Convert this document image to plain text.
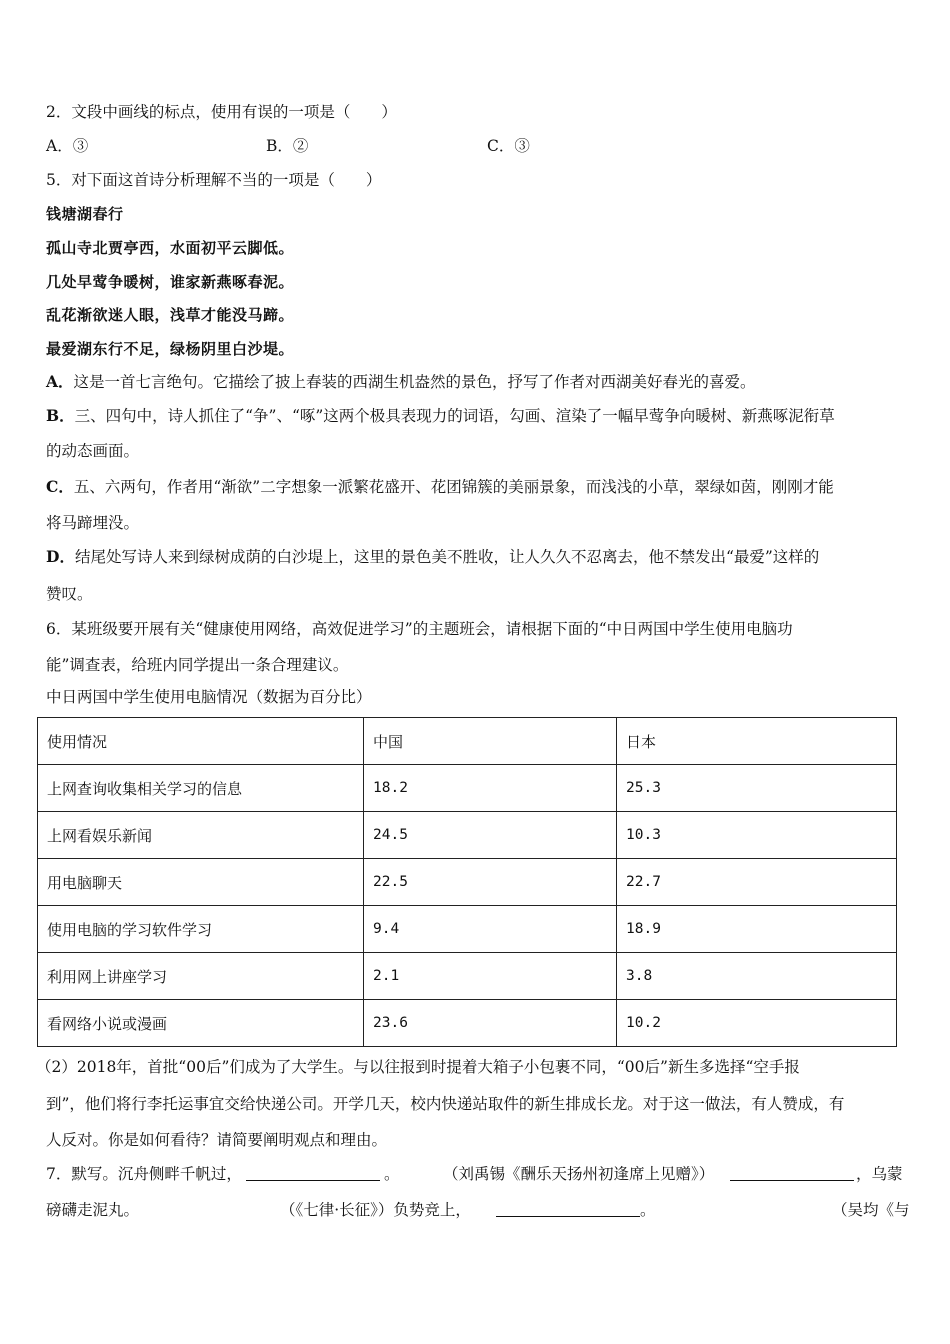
2．文段中画线的标点，使用有误的一项是（　　）
A．③	B．②	C．③
5．对下面这首诗分析理解不当的一项是（　　）
钱塘湖春行
孤山寺北贾亭西，水面初平云脚低。
几处早莺争暖树，谁家新燕啄春泥。
乱花渐欲迷人眼，浅草才能没马蹄。
最爱湖东行不足，绿杨阴里白沙堤。
A．这是一首七言绝句。它描绘了披上春装的西湖生机盎然的景色，抒写了作者对西湖美好春光的喜爱。
B．三、四句中，诗人抓住了“争”、“啄”这两个极具表现力的词语，勾画、渲染了一幅早莺争向暖树、新燕啄泥衔草
的动态画面。
C．五、六两句，作者用“渐欲”二字想象一派繁花盛开、花团锦簇的美丽景象，而浅浅的小草，翠绿如茵，刚刚才能
将马蹄埋没。
D．结尾处写诗人来到绿树成荫的白沙堤上，这里的景色美不胜收，让人久久不忍离去，他不禁发出“最爱”这样的
赞叹。
6．某班级要开展有关“健康使用网络，高效促进学习”的主题班会，请根据下面的“中日两国中学生使用电脑功
能”调查表，给班内同学提出一条合理建议。
中日两国中学生使用电脑情况（数据为百分比）
使用情况	中国	日本
上网查询收集相关学习的信息	18.2	25.3
上网看娱乐新闻	24.5	10.3
用电脑聊天	22.5	22.7
使用电脑的学习软件学习	9.4	18.9
利用网上讲座学习	2.1	3.8
看网络小说或漫画	23.6	10.2
（2）2018年，首批“00后”们成为了大学生。与以往报到时提着大箱子小包裹不同，“00后”新生多选择“空手报
到”，他们将行李托运事宜交给快递公司。开学几天，校内快递站取件的新生排成长龙。对于这一做法，有人赞成，有
人反对。你是如何看待？请简要阐明观点和理由。
7．默写。沉舟侧畔千帆过，	。	（刘禹锡《酬乐天扬州初逢席上见赠》）	，乌蒙
磅礴走泥丸。	（《七律·长征》）负势竞上，	。	（吴均《与
